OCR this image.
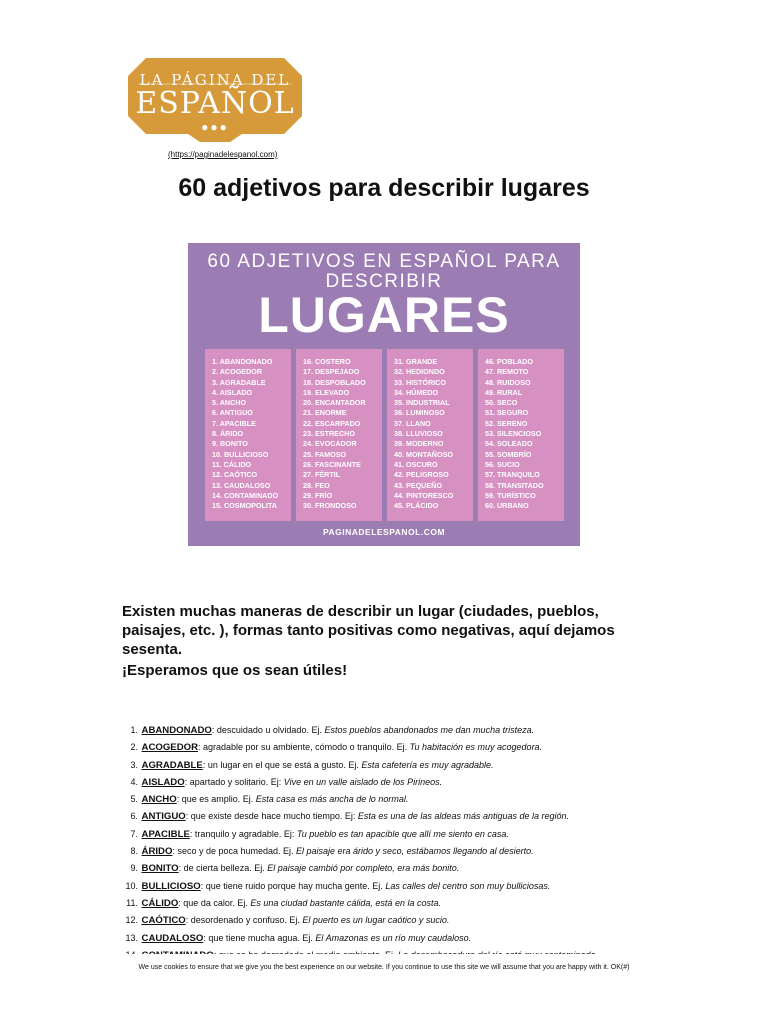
LA PÁGINA DEL
ESPAÑOL
●●●
(https://paginadelespanol.com)
60 adjetivos para describir lugares
60 ADJETIVOS EN ESPAÑOL PARA DESCRIBIR
LUGARES
1. ABANDONADO
2. ACOGEDOR
3. AGRADABLE
4. AISLADO
5. ANCHO
6. ANTIGUO
7. APACIBLE
8. ÁRIDO
9. BONITO
10. BULLICIOSO
11. CÁLIDO
12. CAÓTICO
13. CAUDALOSO
14. CONTAMINADO
15. COSMOPOLITA
16. COSTERO
17. DESPEJADO
18. DESPOBLADO
19. ELEVADO
20. ENCANTADOR
21. ENORME
22. ESCARPADO
23. ESTRECHO
24. EVOCADOR
25. FAMOSO
26. FASCINANTE
27. FÉRTIL
28. FEO
29. FRÍO
30. FRONDOSO
31. GRANDE
32. HEDIONDO
33. HISTÓRICO
34. HÚMEDO
35. INDUSTRIAL
36. LUMINOSO
37. LLANO
38. LLUVIOSO
39. MODERNO
40. MONTAÑOSO
41. OSCURO
42. PELIGROSO
43. PEQUEÑO
44. PINTORESCO
45. PLÁCIDO
46. POBLADO
47. REMOTO
48. RUIDOSO
49. RURAL
50. SECO
51. SEGURO
52. SERENO
53. SILENCIOSO
54. SOLEADO
55. SOMBRÍO
56. SUCIO
57. TRANQUILO
58. TRANSITADO
59. TURÍSTICO
60. URBANO
PAGINADELESPANOL.COM

Existen muchas maneras de describir un lugar (ciudades, pueblos, paisajes, etc. ), formas tanto positivas como negativas, aquí dejamos sesenta.

¡Esperamos que os sean útiles!

1. ABANDONADO: descuidado u olvidado. Ej. Estos pueblos abandonados me dan mucha tristeza.
2. ACOGEDOR: agradable por su ambiente, cómodo o tranquilo. Ej. Tu habitación es muy acogedora.
3. AGRADABLE: un lugar en el que se está a gusto. Ej. Esta cafetería es muy agradable.
4. AISLADO: apartado y solitario. Ej: Vive en un valle aislado de los Pirineos.
5. ANCHO: que es amplio. Ej. Esta casa es más ancha de lo normal.
6. ANTIGUO: que existe desde hace mucho tiempo. Ej: Esta es una de las aldeas más antiguas de la región.
7. APACIBLE: tranquilo y agradable. Ej: Tu pueblo es tan apacible que allí me siento en casa.
8. ÁRIDO: seco y de poca humedad. Ej. El paisaje era árido y seco, estábamos llegando al desierto.
9. BONITO: de cierta belleza. Ej. El paisaje cambió por completo, era más bonito.
10. BULLICIOSO: que tiene ruido porque hay mucha gente. Ej. Las calles del centro son muy bulliciosas.
11. CÁLIDO: que da calor. Ej. Es una ciudad bastante cálida, está en la costa.
12. CAÓTICO: desordenado y confuso. Ej. El puerto es un lugar caótico y sucio.
13. CAUDALOSO: que tiene mucha agua. Ej. El Amazonas es un río muy caudaloso.
We use cookies to ensure that we give you the best experience on our website. If you continue to use this site we will assume that you are happy with it. OK(#)
